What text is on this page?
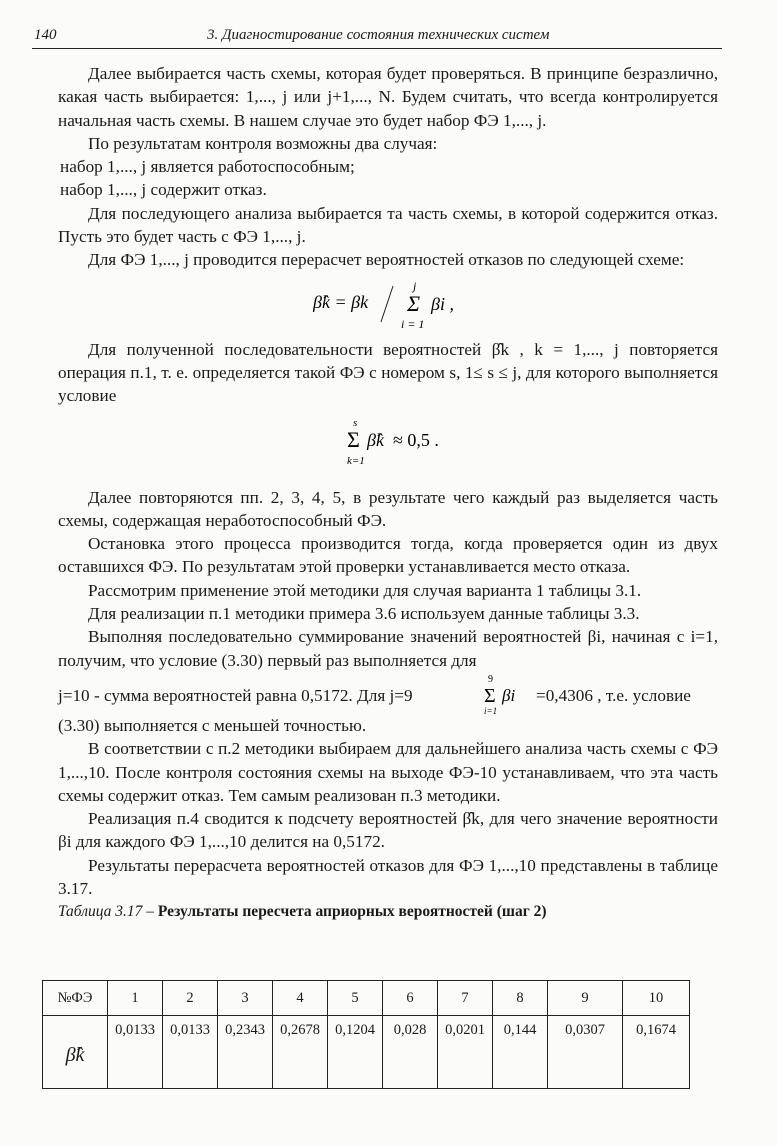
140	3. Диагностирование состояния технических систем

Далее выбирается часть схемы, которая будет проверяться. В принципе безразлично, какая часть выбирается: 1,..., j или j+1,..., N. Будем считать, что всегда контролируется начальная часть схемы. В нашем случае это будет набор ФЭ 1,..., j.

По результатам контроля возможны два случая:

набор 1,..., j является работоспособным;

набор 1,..., j содержит отказ.

Для последующего анализа выбирается та часть схемы, в которой содержится отказ. Пусть это будет часть с ФЭ 1,..., j.

Для ФЭ 1,..., j проводится перерасчет вероятностей отказов по следующей схеме:

β̂k = βk
j
Σ
i = 1
βi ,

Для полученной последовательности вероятностей β̂k , k = 1,..., j повторяется операция п.1, т. е. определяется такой ФЭ с номером s, 1≤ s ≤ j, для которого выполняется условие

s
Σ
k=1
β̂k ≈ 0,5 .

Далее повторяются пп. 2, 3, 4, 5, в результате чего каждый раз выделяется часть схемы, содержащая неработоспособный ФЭ.

Остановка этого процесса производится тогда, когда проверяется один из двух оставшихся ФЭ. По результатам этой проверки устанавливается место отказа.

Рассмотрим применение этой методики для случая варианта 1 таблицы 3.1.

Для реализации п.1 методики примера 3.6 используем данные таблицы 3.3.

Выполняя последовательно суммирование значений вероятностей βi, начиная с i=1, получим, что условие (3.30) первый раз выполняется для

j=10 - сумма вероятностей равна 0,5172. Для j=9
9
Σ
i=1
βi =0,4306 , т.е. условие

(3.30) выполняется с меньшей точностью.

В соответствии с п.2 методики выбираем для дальнейшего анализа часть схемы с ФЭ 1,...,10. После контроля состояния схемы на выходе ФЭ-10 устанавливаем, что эта часть схемы содержит отказ. Тем самым реализован п.3 методики.

Реализация п.4 сводится к подсчету вероятностей β̂k, для чего значение вероятности βi для каждого ФЭ 1,...,10 делится на 0,5172.

Результаты перерасчета вероятностей отказов для ФЭ 1,...,10 представлены в таблице 3.17.

Таблица 3.17 – Результаты пересчета априорных вероятностей (шаг 2)

№ФЭ	1	2	3	4	5	6	7	8	9	10
β̂k	0,0133	0,0133	0,2343	0,2678	0,1204	0,028	0,0201	0,144	0,0307	0,1674
